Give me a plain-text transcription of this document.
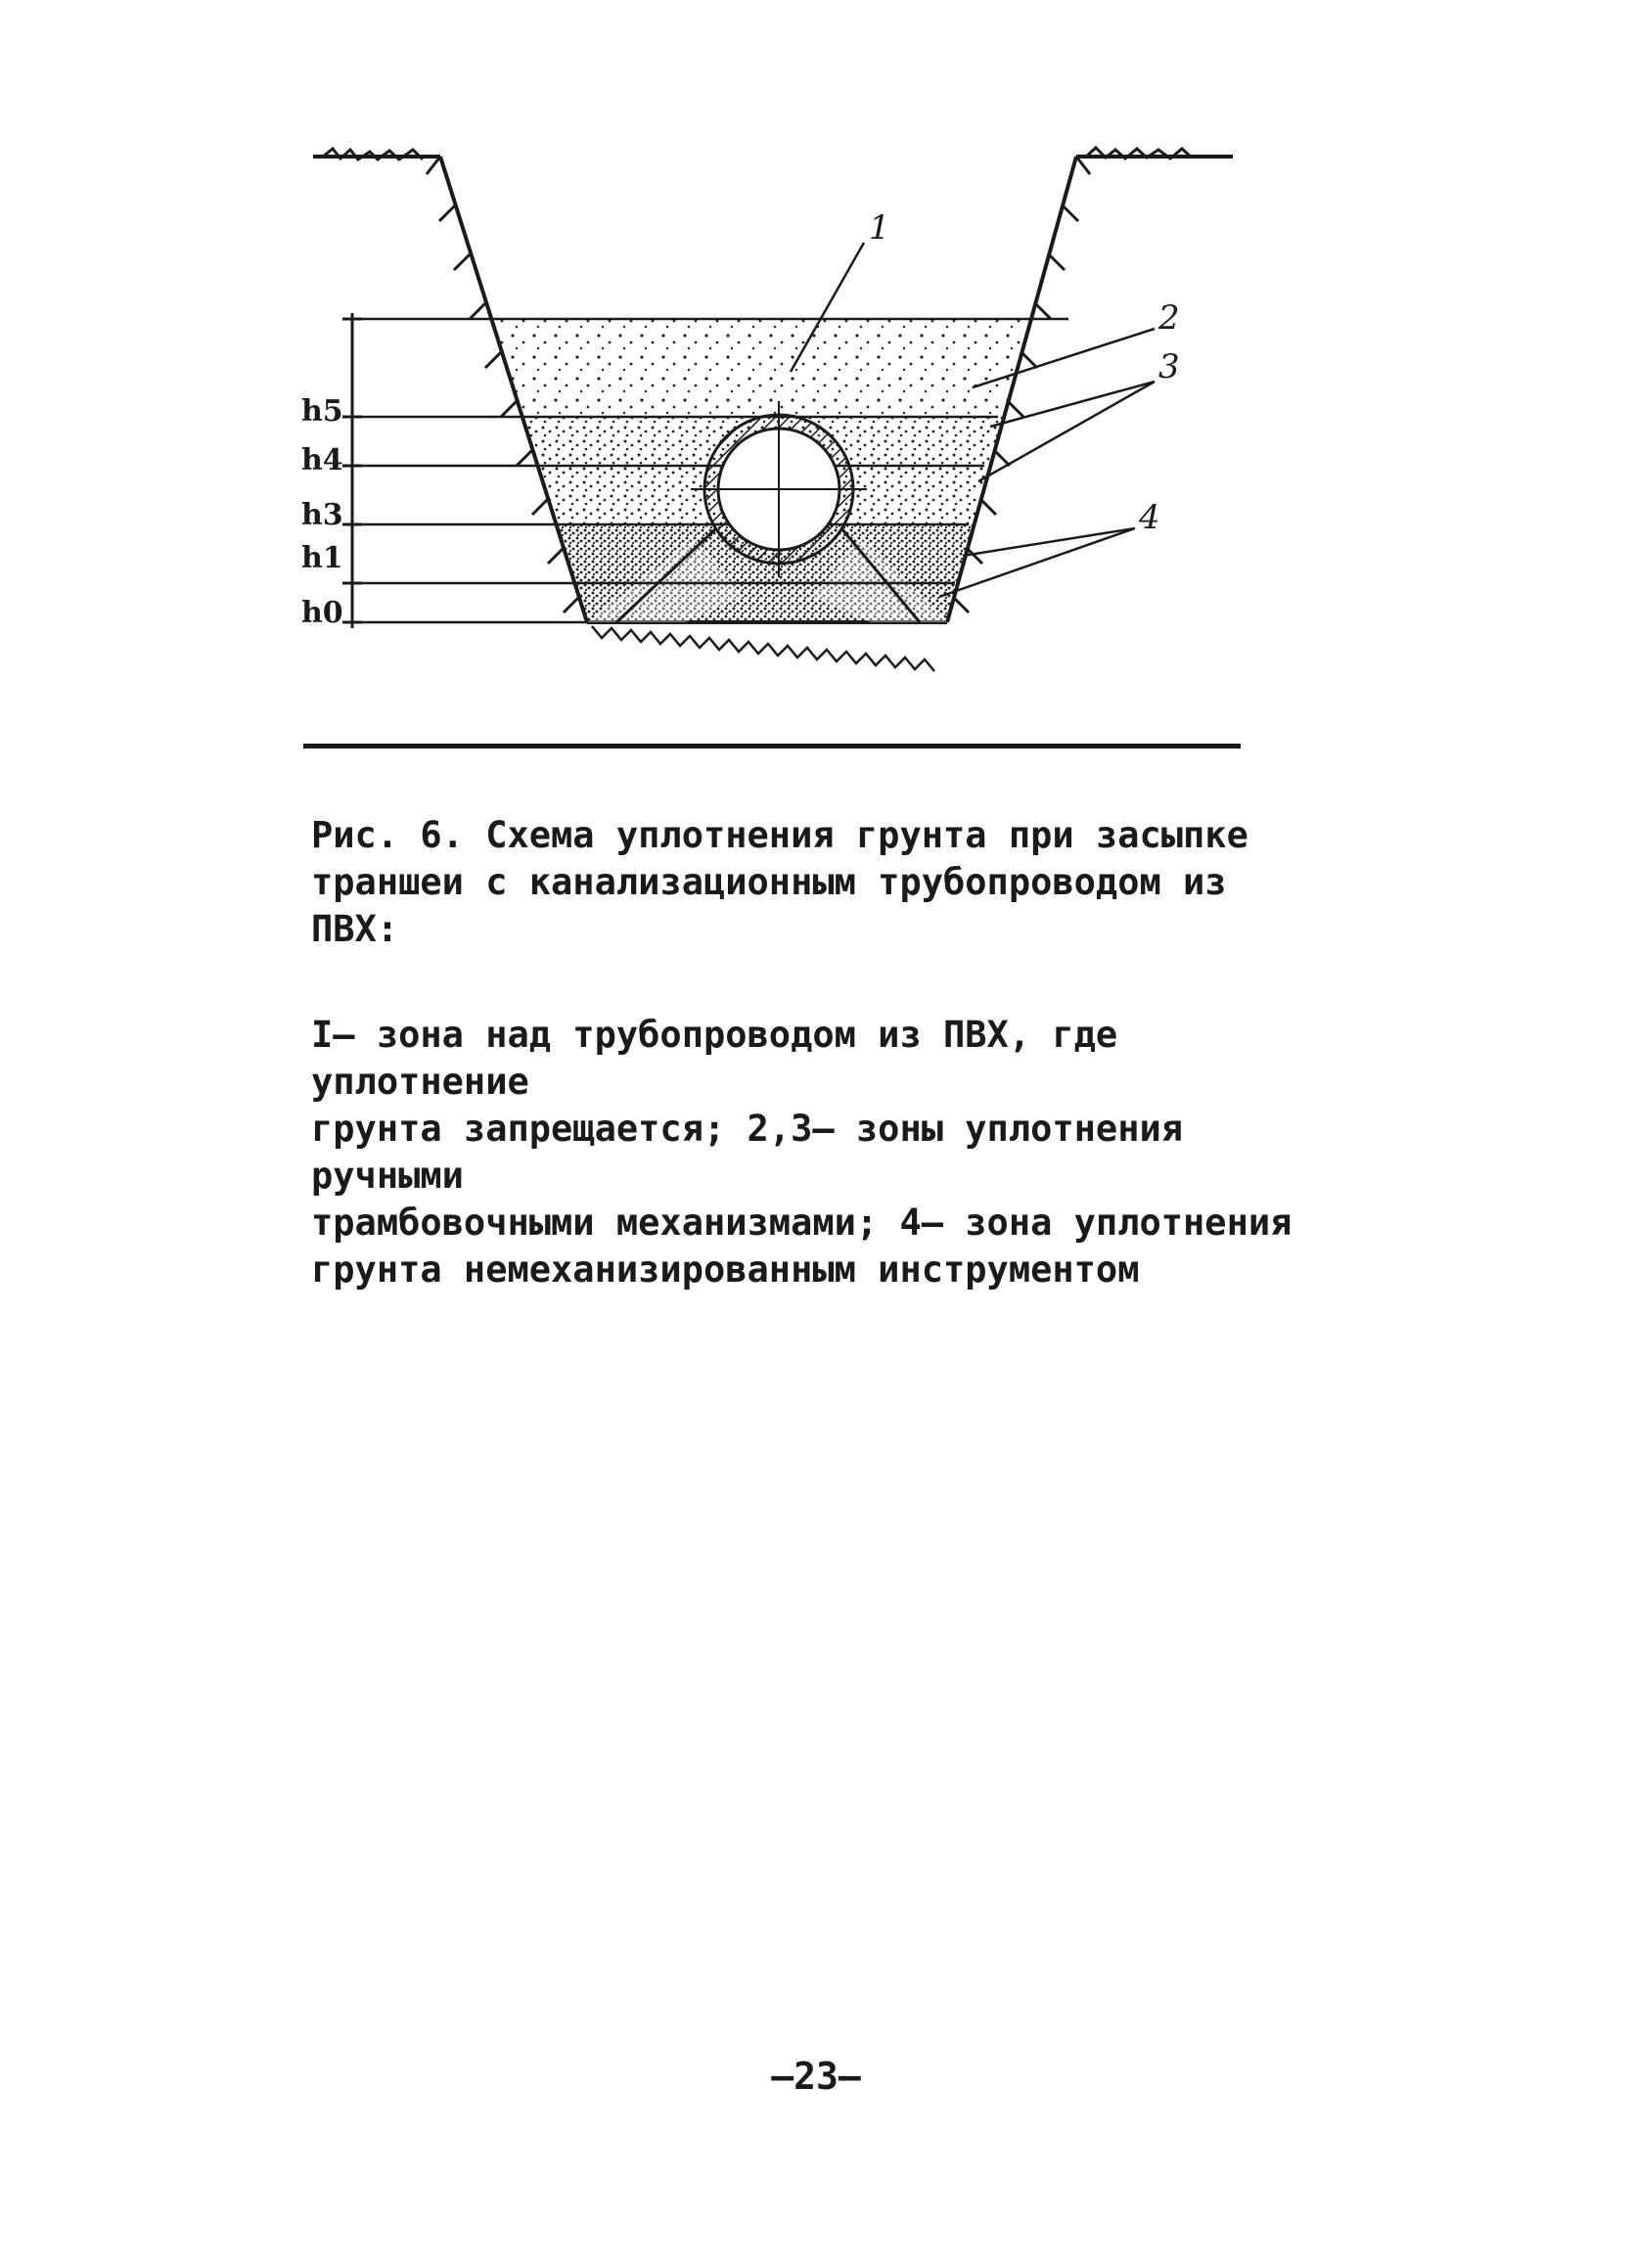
1
2
3
4
h5
h4
h3
h1
h0

Рис. 6. Схема уплотнения грунта при засыпке
траншеи с канализационным трубопроводом из
ПВХ:

I– зона над трубопроводом из ПВХ, где уплотнение
грунта запрещается; 2,3– зоны уплотнения ручными
трамбовочными механизмами; 4– зона уплотнения
грунта немеханизированным инструментом

–23–
